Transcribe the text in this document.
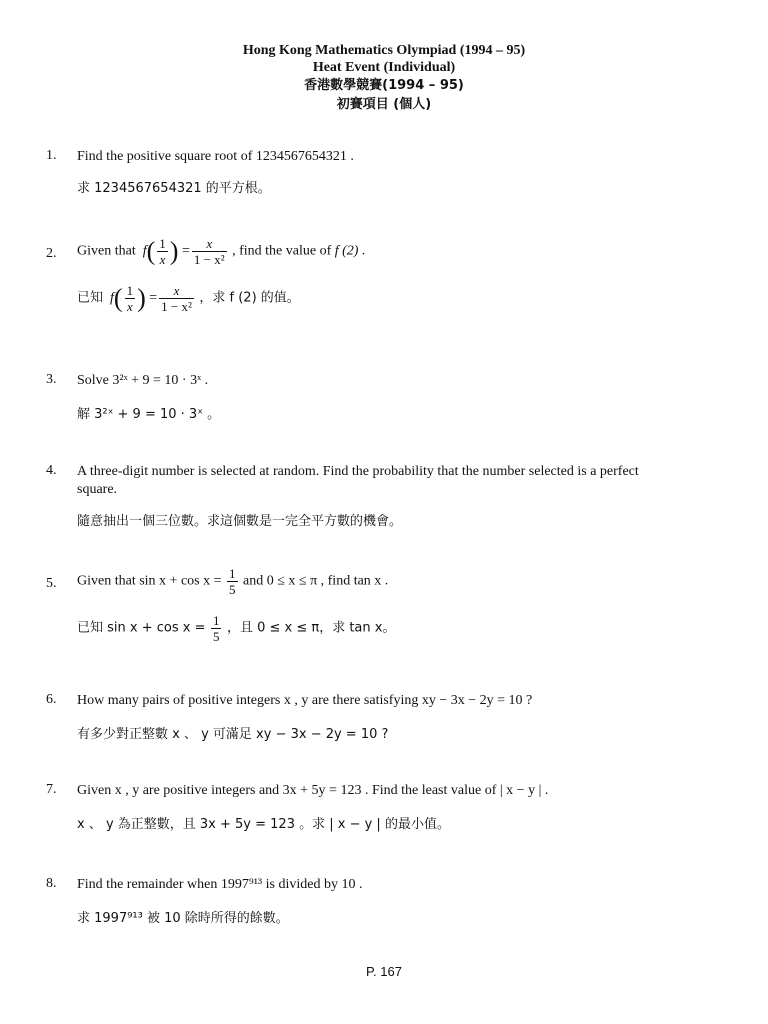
Hong Kong Mathematics Olympiad (1994 – 95)
Heat Event (Individual)
香港數學競賽(1994 – 95)
初賽項目 (個人)
1. Find the positive square root of 1234567654321 .
求 1234567654321 的平方根。
2. Given that  $f( \frac{1}{x}$ ) = $\frac{x}{\text{1 − x²}}$ , find the value of f (2) .
已知  $f( \frac{1}{x}$ ) = $\frac{x}{\text{1 − x²}}$ ，求 f (2) 的值。
3. Solve 3²ˣ + 9 = 10 · 3ˣ .
解 3²ˣ + 9 = 10 · 3ˣ 。
4. A three-digit number is selected at random. Find the probability that the number selected is a perfect
square.
隨意抽出一個三位數。求這個數是一完全平方數的機會。
5. Given that $\sin x + \cos x = \frac{1}{5}$ and 0 ≤ x ≤ π , find tan x .
已知 $\sin x + \cos x = \frac{1}{5}$ ，且 0 ≤ x ≤ π，求 tan x。
6. How many pairs of positive integers x , y are there satisfying xy − 3x − 2y = 10 ?
有多少對正整數 x 、 y 可滿足 xy − 3x − 2y = 10 ?
7. Given x , y are positive integers and 3x + 5y = 123 . Find the least value of | x − y | .
x 、 y 為正整數，且 3x + 5y = 123 。求 | x − y | 的最小值。
8. Find the remainder when 1997⁹¹³ is divided by 10 .
求 1997⁹¹³ 被 10 除時所得的餘數。
P. 167
